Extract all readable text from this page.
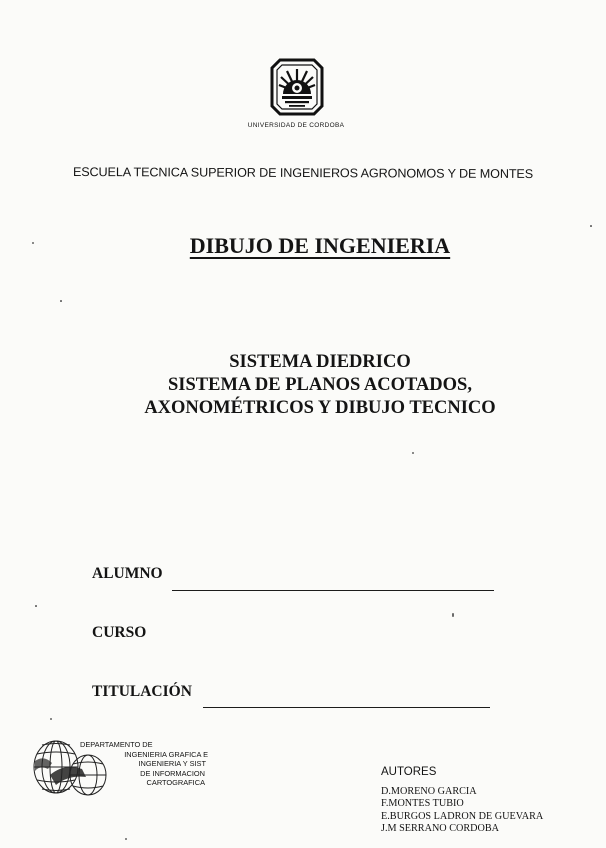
UNIVERSIDAD DE CORDOBA
ESCUELA TECNICA SUPERIOR DE INGENIEROS AGRONOMOS Y DE MONTES
DIBUJO DE INGENIERIA
SISTEMA DIEDRICO
SISTEMA DE PLANOS ACOTADOS,
AXONOMÉTRICOS Y DIBUJO TECNICO
ALUMNO
CURSO
TITULACIÓN
DEPARTAMENTO DE
INGENIERIA GRAFICA E
INGENIERIA Y SIST
DE INFORMACION
CARTOGRAFICA
AUTORES
D.MORENO GARCIA
F.MONTES TUBIO
E.BURGOS LADRON DE GUEVARA
J.M SERRANO CORDOBA
